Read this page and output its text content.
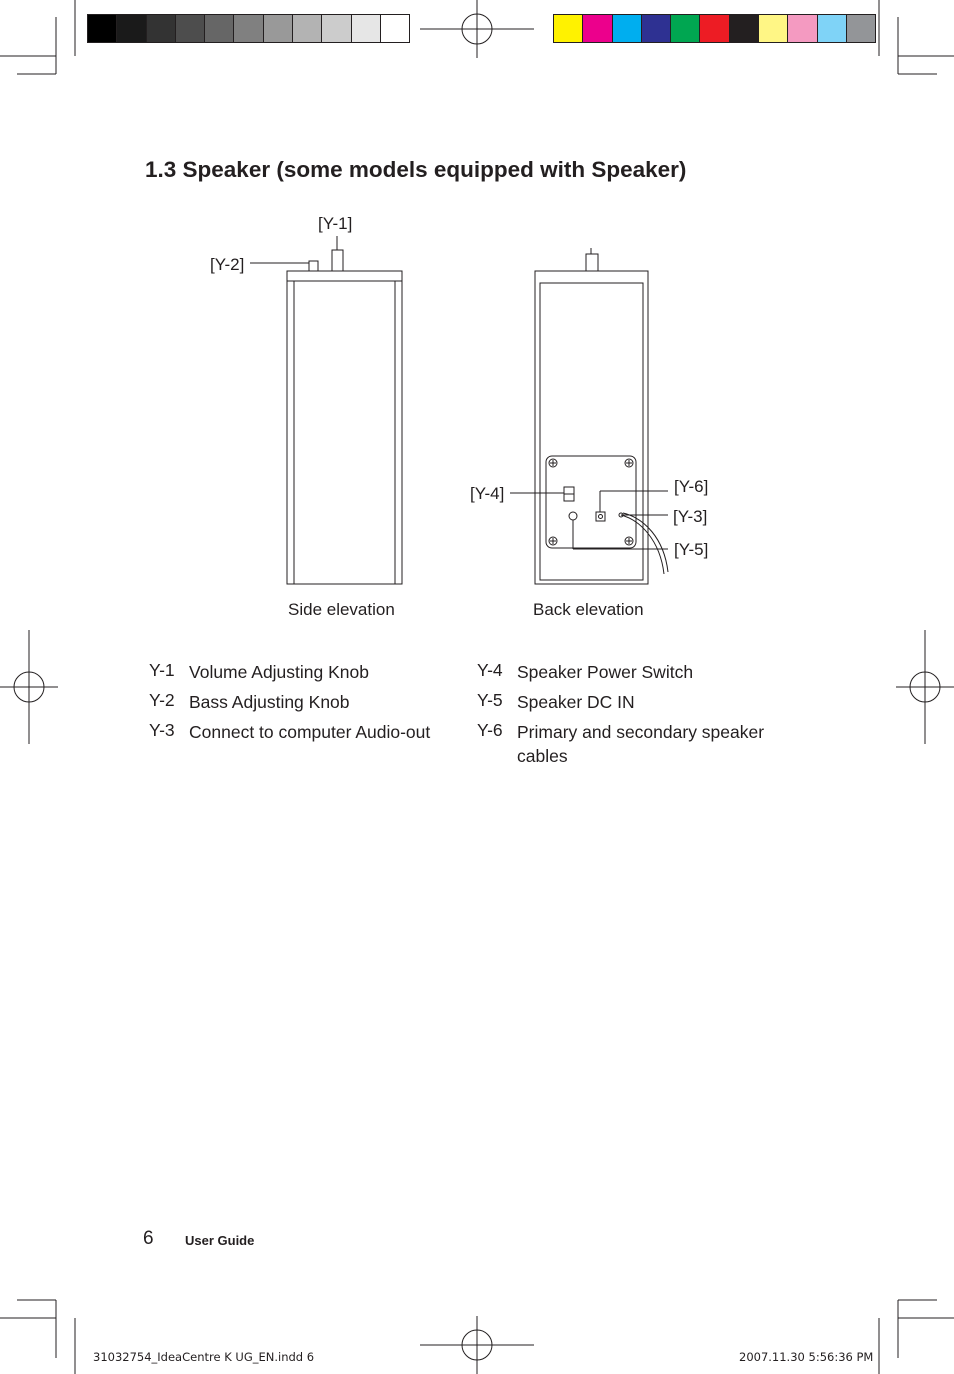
1.3 Speaker (some models equipped with Speaker)
[Y-1]
[Y-2]
[Y-4]	[Y-6]
[Y-3]
[Y-5]
Side elevation	Back elevation
Y-1 Volume Adjusting Knob
Y-2 Bass Adjusting Knob
Y-3 Connect to computer Audio-out
Y-4 Speaker Power Switch
Y-5 Speaker DC IN
Y-6 Primary and secondary speaker cables
6 User Guide
31032754_IdeaCentre K UG_EN.indd 6	2007.11.30 5:56:36 PM
